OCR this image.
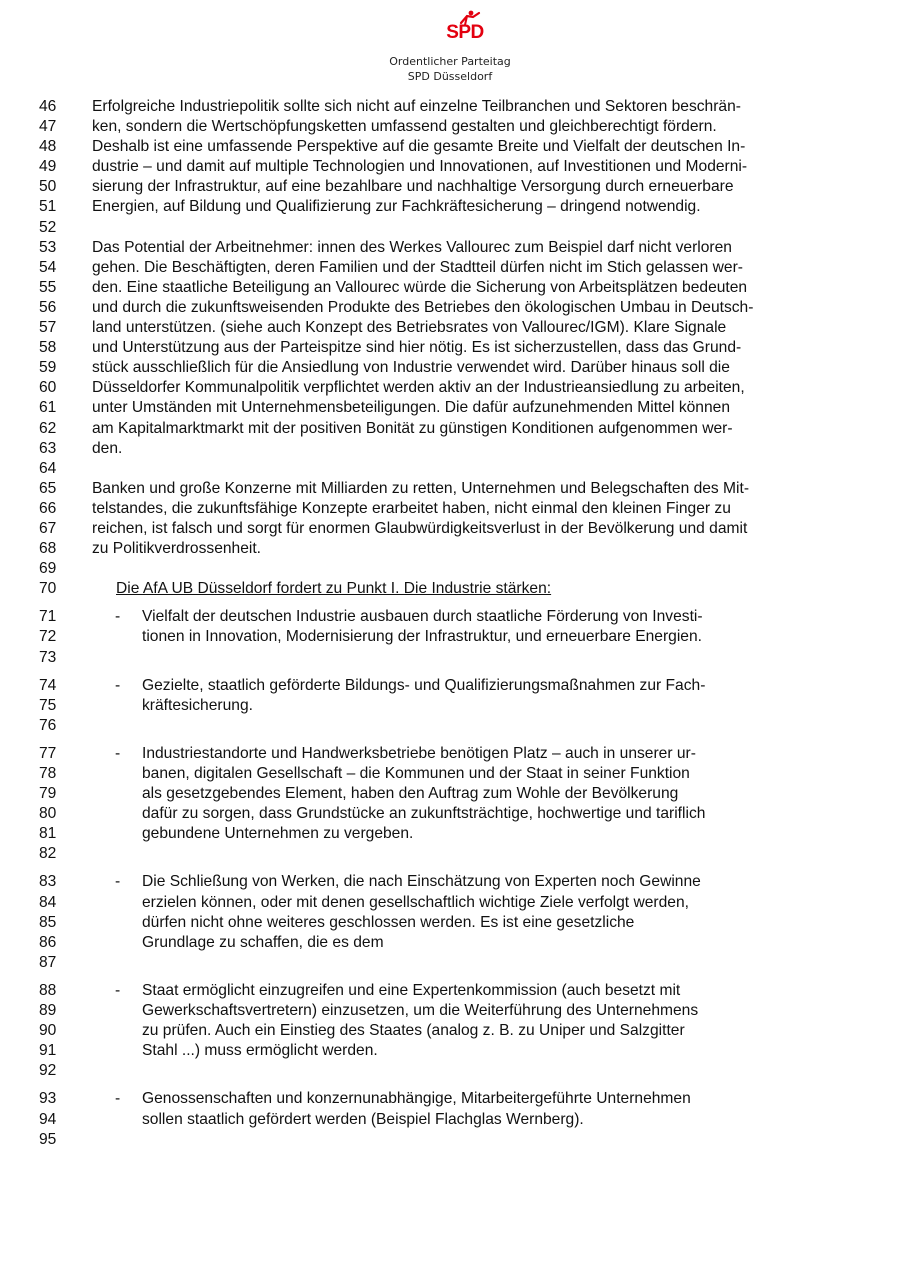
SPD
Ordentlicher Parteitag
SPD Düsseldorf
46	Erfolgreiche Industriepolitik sollte sich nicht auf einzelne Teilbranchen und Sektoren beschrän-
47	ken, sondern die Wertschöpfungsketten umfassend gestalten und gleichberechtigt fördern.
48	Deshalb ist eine umfassende Perspektive auf die gesamte Breite und Vielfalt der deutschen In-
49	dustrie – und damit auf multiple Technologien und Innovationen, auf Investitionen und Moderni-
50	sierung der Infrastruktur, auf eine bezahlbare und nachhaltige Versorgung durch erneuerbare
51	Energien, auf Bildung und Qualifizierung zur Fachkräftesicherung – dringend notwendig.
52
53	Das Potential der Arbeitnehmer: innen des Werkes Vallourec zum Beispiel darf nicht verloren
54	gehen. Die Beschäftigten, deren Familien und der Stadtteil dürfen nicht im Stich gelassen wer-
55	den. Eine staatliche Beteiligung an Vallourec würde die Sicherung von Arbeitsplätzen bedeuten
56	und durch die zukunftsweisenden Produkte des Betriebes den ökologischen Umbau in Deutsch-
57	land unterstützen. (siehe auch Konzept des Betriebsrates von Vallourec/IGM). Klare Signale
58	und Unterstützung aus der Parteispitze sind hier nötig. Es ist sicherzustellen, dass das Grund-
59	stück ausschließlich für die Ansiedlung von Industrie verwendet wird. Darüber hinaus soll die
60	Düsseldorfer Kommunalpolitik verpflichtet werden aktiv an der Industrieansiedlung zu arbeiten,
61	unter Umständen mit Unternehmensbeteiligungen. Die dafür aufzunehmenden Mittel können
62	am Kapitalmarktmarkt mit der positiven Bonität zu günstigen Konditionen aufgenommen wer-
63	den.
64
65	Banken und große Konzerne mit Milliarden zu retten, Unternehmen und Belegschaften des Mit-
66	telstandes, die zukunftsfähige Konzepte erarbeitet haben, nicht einmal den kleinen Finger zu
67	reichen, ist falsch und sorgt für enormen Glaubwürdigkeitsverlust in der Bevölkerung und damit
68	zu Politikverdrossenheit.
69
70	Die AfA UB Düsseldorf fordert zu Punkt I. Die Industrie stärken:
71	- Vielfalt der deutschen Industrie ausbauen durch staatliche Förderung von Investi-
72	tionen in Innovation, Modernisierung der Infrastruktur, und erneuerbare Energien.
73
74	- Gezielte, staatlich geförderte Bildungs- und Qualifizierungsmaßnahmen zur Fach-
75	kräftesicherung.
76
77	- Industriestandorte und Handwerksbetriebe benötigen Platz – auch in unserer ur-
78	banen, digitalen Gesellschaft – die Kommunen und der Staat in seiner Funktion
79	als gesetzgebendes Element, haben den Auftrag zum Wohle der Bevölkerung
80	dafür zu sorgen, dass Grundstücke an zukunftsträchtige, hochwertige und tariflich
81	gebundene Unternehmen zu vergeben.
82
83	- Die Schließung von Werken, die nach Einschätzung von Experten noch Gewinne
84	erzielen können, oder mit denen gesellschaftlich wichtige Ziele verfolgt werden,
85	dürfen nicht ohne weiteres geschlossen werden. Es ist eine gesetzliche
86	Grundlage zu schaffen, die es dem
87
88	- Staat ermöglicht einzugreifen und eine Expertenkommission (auch besetzt mit
89	Gewerkschaftsvertretern) einzusetzen, um die Weiterführung des Unternehmens
90	zu prüfen. Auch ein Einstieg des Staates (analog z. B. zu Uniper und Salzgitter
91	Stahl ...) muss ermöglicht werden.
92
93	- Genossenschaften und konzernunabhängige, Mitarbeitergeführte Unternehmen
94	sollen staatlich gefördert werden (Beispiel Flachglas Wernberg).
95
